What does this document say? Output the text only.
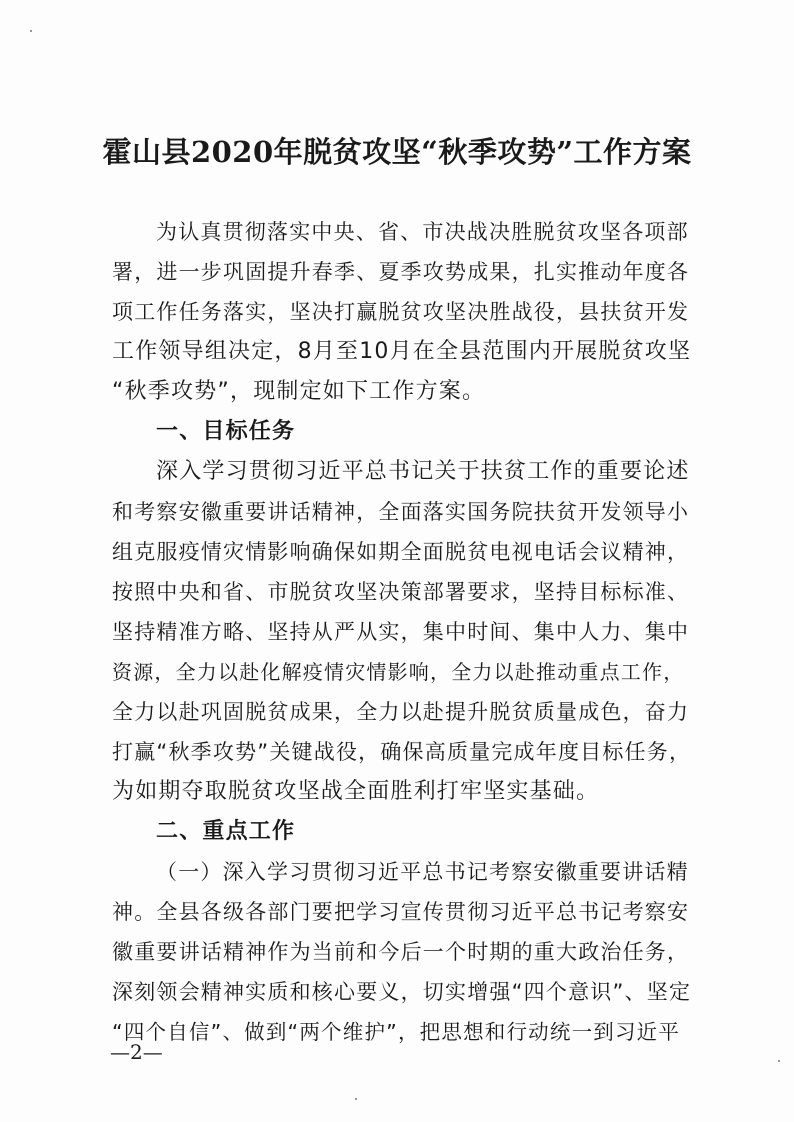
霍山县2020年脱贫攻坚“秋季攻势”工作方案
为认真贯彻落实中央、省、市决战决胜脱贫攻坚各项部
署，进一步巩固提升春季、夏季攻势成果，扎实推动年度各
项工作任务落实，坚决打赢脱贫攻坚决胜战役，县扶贫开发
工作领导组决定，8月至10月在全县范围内开展脱贫攻坚
“秋季攻势”，现制定如下工作方案。
一、目标任务
深入学习贯彻习近平总书记关于扶贫工作的重要论述
和考察安徽重要讲话精神，全面落实国务院扶贫开发领导小
组克服疫情灾情影响确保如期全面脱贫电视电话会议精神，
按照中央和省、市脱贫攻坚决策部署要求，坚持目标标准、
坚持精准方略、坚持从严从实，集中时间、集中人力、集中
资源，全力以赴化解疫情灾情影响，全力以赴推动重点工作，
全力以赴巩固脱贫成果，全力以赴提升脱贫质量成色，奋力
打赢“秋季攻势”关键战役，确保高质量完成年度目标任务，
为如期夺取脱贫攻坚战全面胜利打牢坚实基础。
二、重点工作
（一）深入学习贯彻习近平总书记考察安徽重要讲话精
神。全县各级各部门要把学习宣传贯彻习近平总书记考察安
徽重要讲话精神作为当前和今后一个时期的重大政治任务，
深刻领会精神实质和核心要义，切实增强“四个意识”、坚定
“四个自信”、做到“两个维护”，把思想和行动统一到习近平
—2—
